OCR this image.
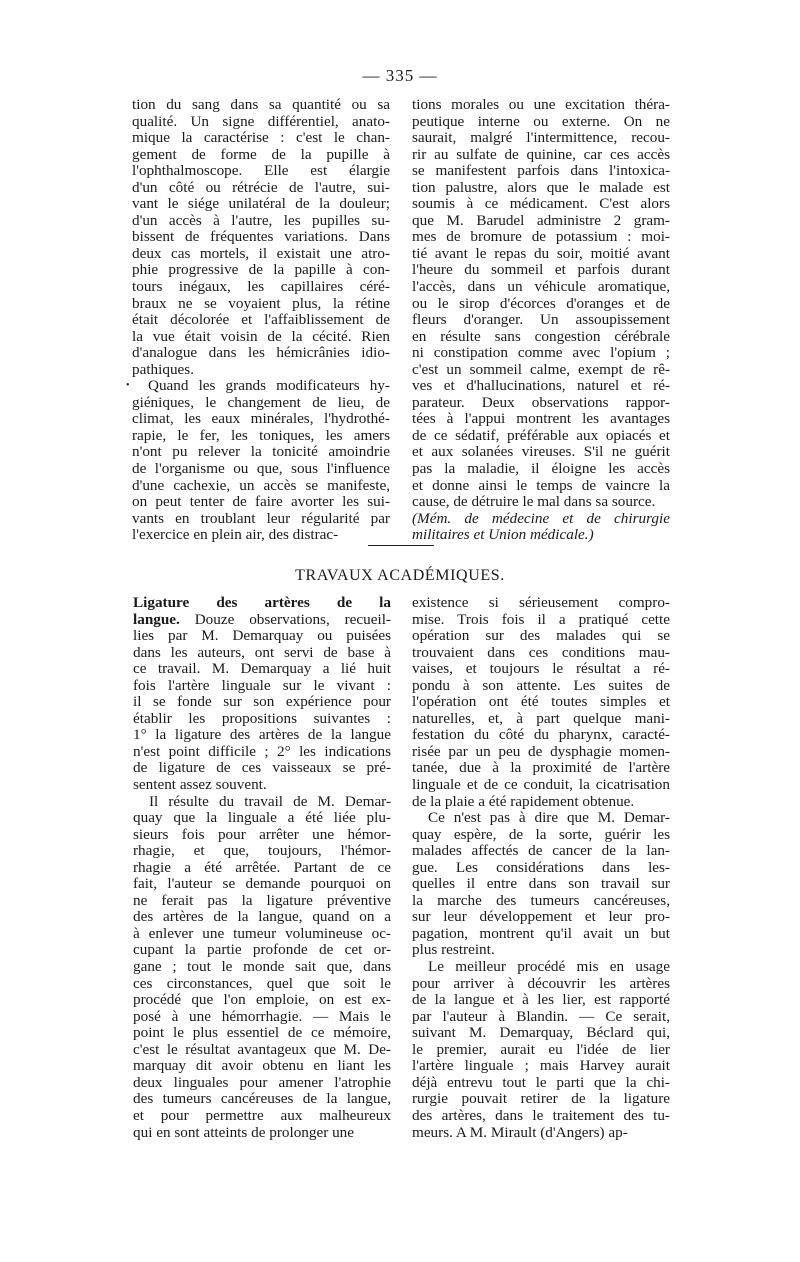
— 335 —
tion du sang dans sa quantité ou sa
qualité. Un signe différentiel, anato-
mique la caractérise : c'est le chan-
gement de forme de la pupille à
l'ophthalmoscope. Elle est élargie
d'un côté ou rétrécie de l'autre, sui-
vant le siége unilatéral de la douleur;
d'un accès à l'autre, les pupilles su-
bissent de fréquentes variations. Dans
deux cas mortels, il existait une atro-
phie progressive de la papille à con-
tours inégaux, les capillaires céré-
braux ne se voyaient plus, la rétine
était décolorée et l'affaiblissement de
la vue était voisin de la cécité. Rien
d'analogue dans les hémicrânies idio-
pathiques.
Quand les grands modificateurs hy-
giéniques, le changement de lieu, de
climat, les eaux minérales, l'hydrothé-
rapie, le fer, les toniques, les amers
n'ont pu relever la tonicité amoindrie
de l'organisme ou que, sous l'influence
d'une cachexie, un accès se manifeste,
on peut tenter de faire avorter les sui-
vants en troublant leur régularité par
l'exercice en plein air, des distrac-
tions morales ou une excitation théra-
peutique interne ou externe. On ne
saurait, malgré l'intermittence, recou-
rir au sulfate de quinine, car ces accès
se manifestent parfois dans l'intoxica-
tion palustre, alors que le malade est
soumis à ce médicament. C'est alors
que M. Barudel administre 2 gram-
mes de bromure de potassium : moi-
tié avant le repas du soir, moitié avant
l'heure du sommeil et parfois durant
l'accès, dans un véhicule aromatique,
ou le sirop d'écorces d'oranges et de
fleurs d'oranger. Un assoupissement
en résulte sans congestion cérébrale
ni constipation comme avec l'opium ;
c'est un sommeil calme, exempt de rê-
ves et d'hallucinations, naturel et ré-
parateur. Deux observations rappor-
tées à l'appui montrent les avantages
de ce sédatif, préférable aux opiacés et
et aux solanées vireuses. S'il ne guérit
pas la maladie, il éloigne les accès
et donne ainsi le temps de vaincre la
cause, de détruire le mal dans sa source.
(Mém. de médecine et de chirurgie
militaires et Union médicale.)
TRAVAUX ACADÉMIQUES.
Ligature des artères de la
langue. Douze observations, recueil-
lies par M. Demarquay ou puisées
dans les auteurs, ont servi de base à
ce travail. M. Demarquay a lié huit
fois l'artère linguale sur le vivant :
il se fonde sur son expérience pour
établir les propositions suivantes :
1° la ligature des artères de la langue
n'est point difficile ; 2° les indications
de ligature de ces vaisseaux se pré-
sentent assez souvent.
Il résulte du travail de M. Demar-
quay que la linguale a été liée plu-
sieurs fois pour arrêter une hémor-
rhagie, et que, toujours, l'hémor-
rhagie a été arrêtée. Partant de ce
fait, l'auteur se demande pourquoi on
ne ferait pas la ligature préventive
des artères de la langue, quand on a
à enlever une tumeur volumineuse oc-
cupant la partie profonde de cet or-
gane ; tout le monde sait que, dans
ces circonstances, quel que soit le
procédé que l'on emploie, on est ex-
posé à une hémorrhagie. — Mais le
point le plus essentiel de ce mémoire,
c'est le résultat avantageux que M. De-
marquay dit avoir obtenu en liant les
deux linguales pour amener l'atrophie
des tumeurs cancéreuses de la langue,
et pour permettre aux malheureux
qui en sont atteints de prolonger une
existence si sérieusement compro-
mise. Trois fois il a pratiqué cette
opération sur des malades qui se
trouvaient dans ces conditions mau-
vaises, et toujours le résultat a ré-
pondu à son attente. Les suites de
l'opération ont été toutes simples et
naturelles, et, à part quelque mani-
festation du côté du pharynx, caracté-
risée par un peu de dysphagie momen-
tanée, due à la proximité de l'artère
linguale et de ce conduit, la cicatrisation
de la plaie a été rapidement obtenue.
Ce n'est pas à dire que M. Demar-
quay espère, de la sorte, guérir les
malades affectés de cancer de la lan-
gue. Les considérations dans les-
quelles il entre dans son travail sur
la marche des tumeurs cancéreuses,
sur leur développement et leur pro-
pagation, montrent qu'il avait un but
plus restreint.
Le meilleur procédé mis en usage
pour arriver à découvrir les artères
de la langue et à les lier, est rapporté
par l'auteur à Blandin. — Ce serait,
suivant M. Demarquay, Béclard qui,
le premier, aurait eu l'idée de lier
l'artère linguale ; mais Harvey aurait
déjà entrevu tout le parti que la chi-
rurgie pouvait retirer de la ligature
des artères, dans le traitement des tu-
meurs. A M. Mirault (d'Angers) ap-
•
